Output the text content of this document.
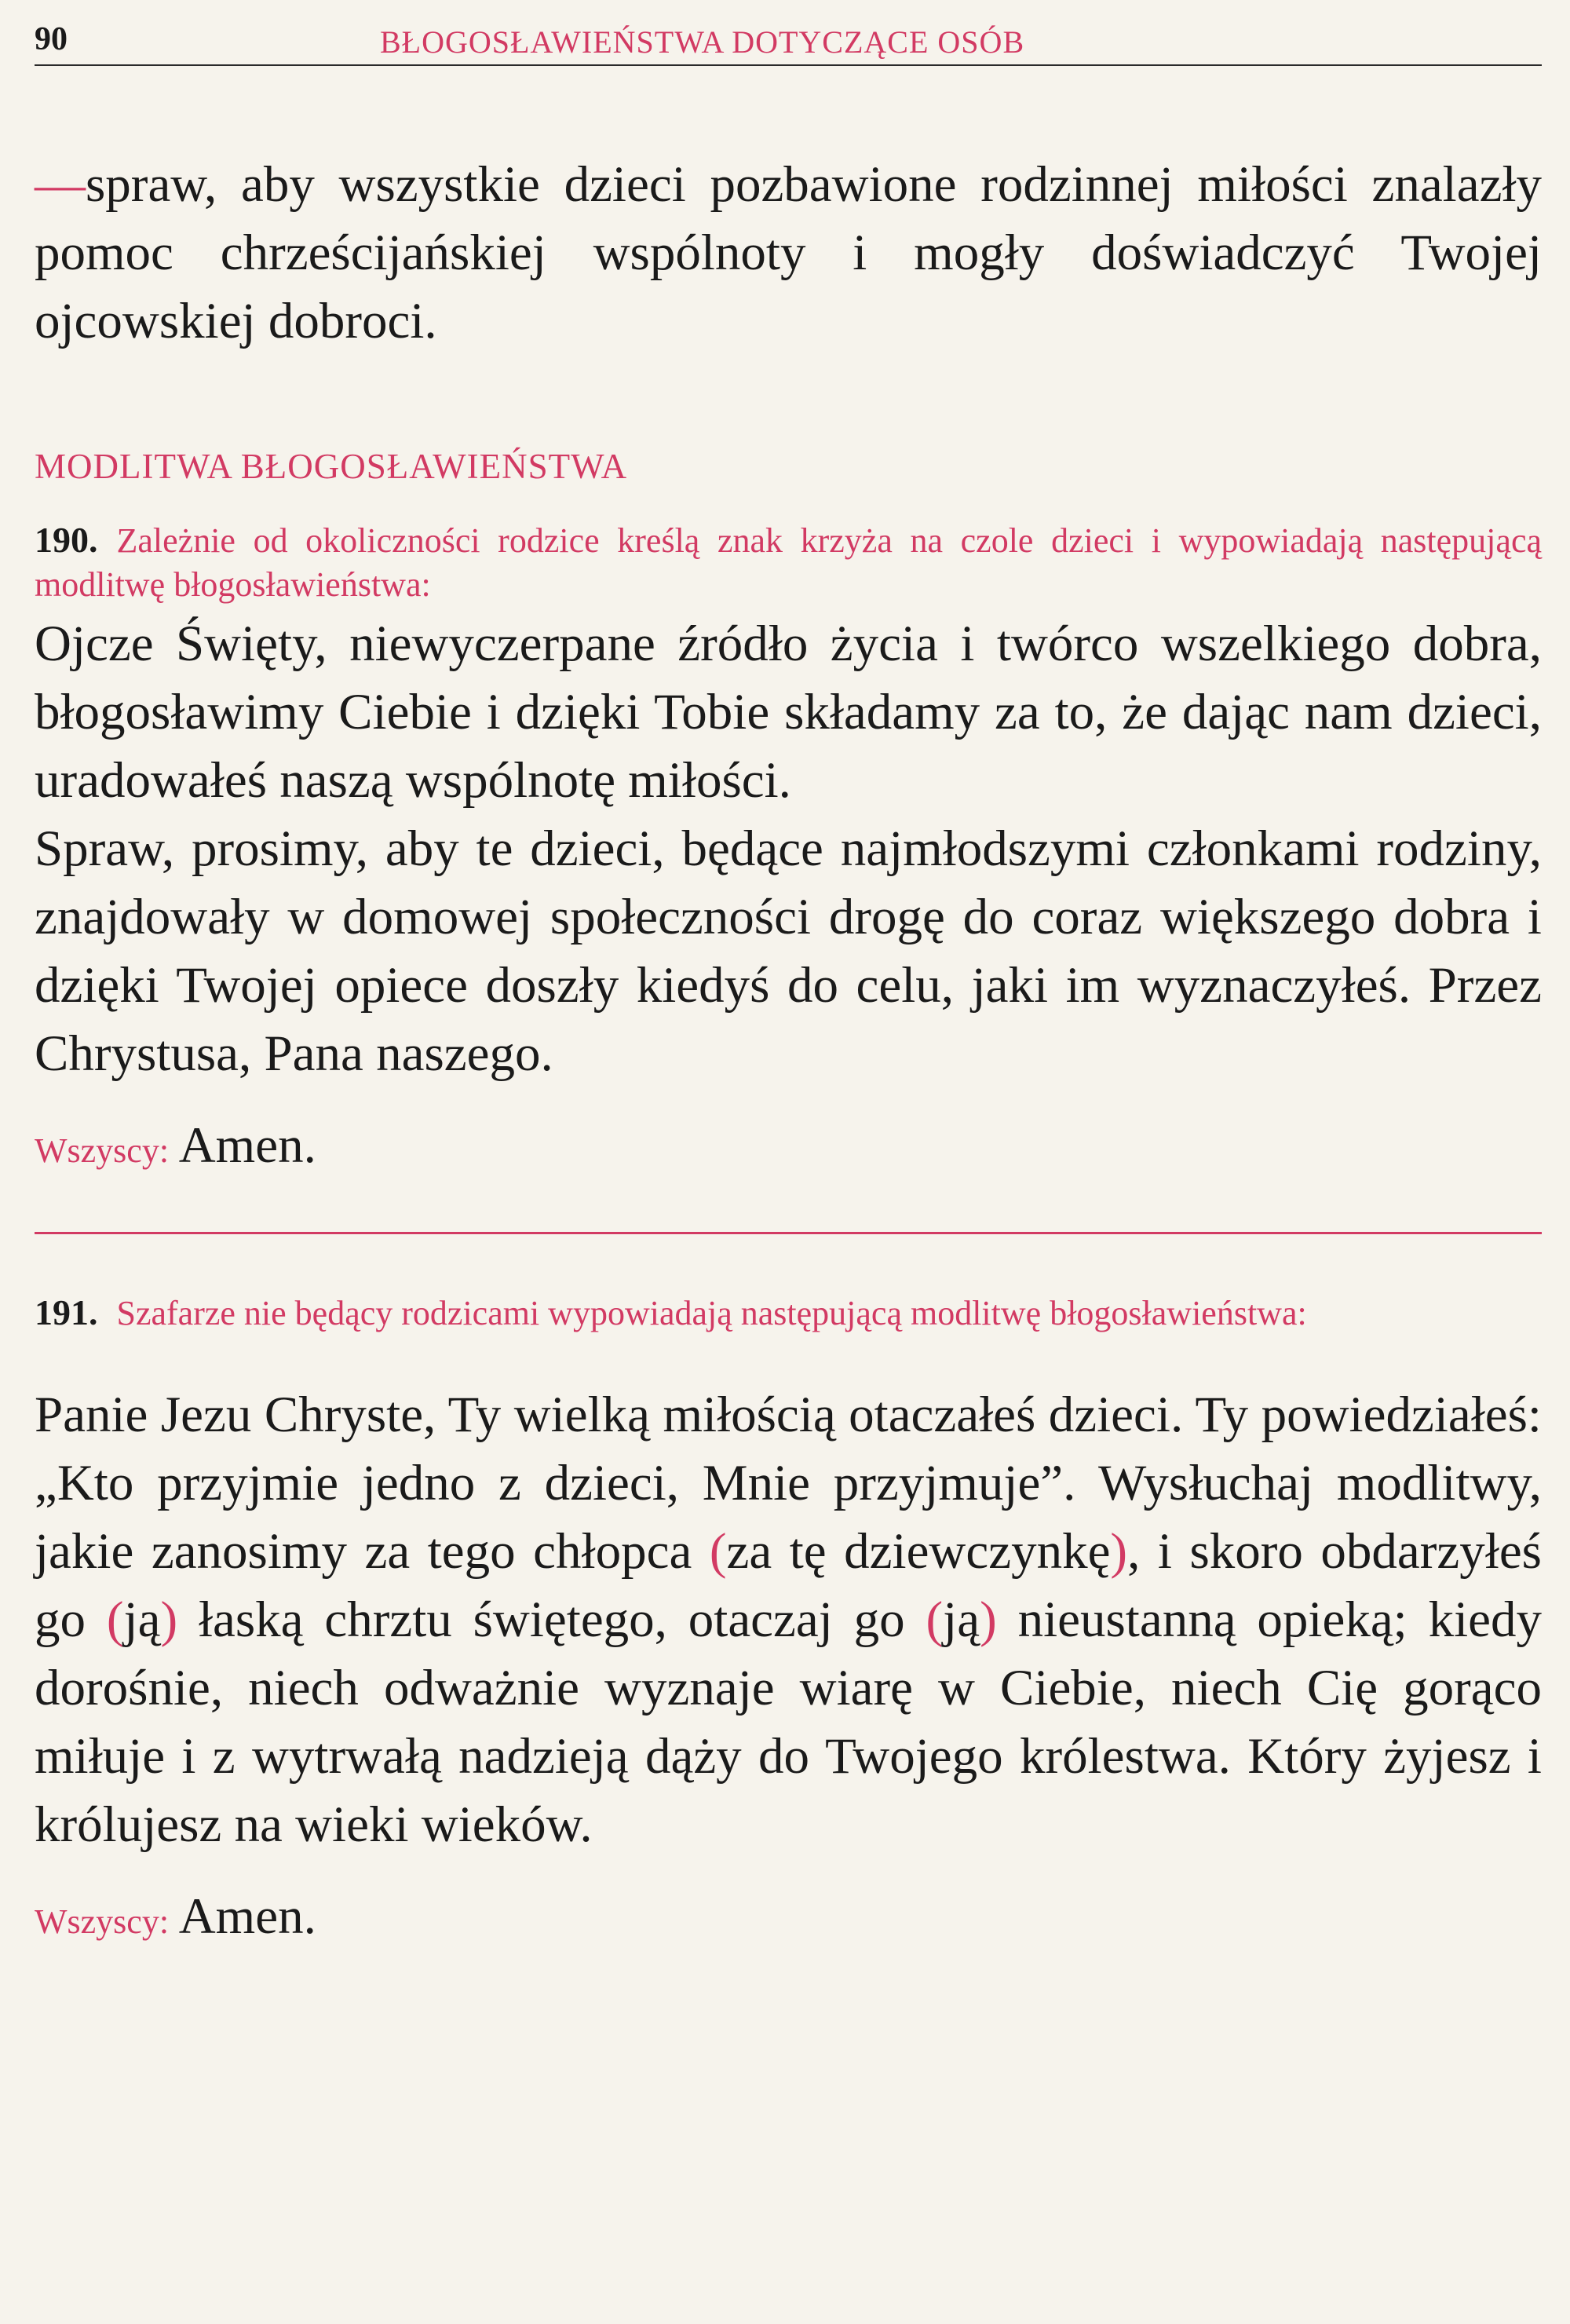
90	BŁOGOSŁAWIEŃSTWA DOTYCZĄCE OSÓB

—spraw, aby wszystkie dzieci pozbawione rodzinnej miłości znalazły pomoc chrześcijańskiej wspólnoty i mogły doświadczyć Twojej ojcowskiej dobroci.

MODLITWA BŁOGOSŁAWIEŃSTWA

190. Zależnie od okoliczności rodzice kreślą znak krzyża na czole dzieci i wypowiadają następującą modlitwę błogosławieństwa:

Ojcze Święty, niewyczerpane źródło życia i twórco wszelkiego dobra, błogosławimy Ciebie i dzięki Tobie składamy za to, że dając nam dzieci, uradowałeś naszą wspólnotę miłości.

Spraw, prosimy, aby te dzieci, będące najmłodszymi członkami rodziny, znajdowały w domowej społeczności drogę do coraz większego dobra i dzięki Twojej opiece doszły kiedyś do celu, jaki im wyznaczyłeś. Przez Chrystusa, Pana naszego.

Wszyscy: Amen.

191. Szafarze nie będący rodzicami wypowiadają następującą modlitwę błogosławieństwa:

Panie Jezu Chryste, Ty wielką miłością otaczałeś dzieci. Ty powiedziałeś: „Kto przyjmie jedno z dzieci, Mnie przyjmuje”. Wysłuchaj modlitwy, jakie zanosimy za tego chłopca (za tę dziewczynkę), i skoro obdarzyłeś go (ją) łaską chrztu świętego, otaczaj go (ją) nieustanną opieką; kiedy dorośnie, niech odważnie wyznaje wiarę w Ciebie, niech Cię gorąco miłuje i z wytrwałą nadzieją dąży do Twojego królestwa. Który żyjesz i królujesz na wieki wieków.

Wszyscy: Amen.
